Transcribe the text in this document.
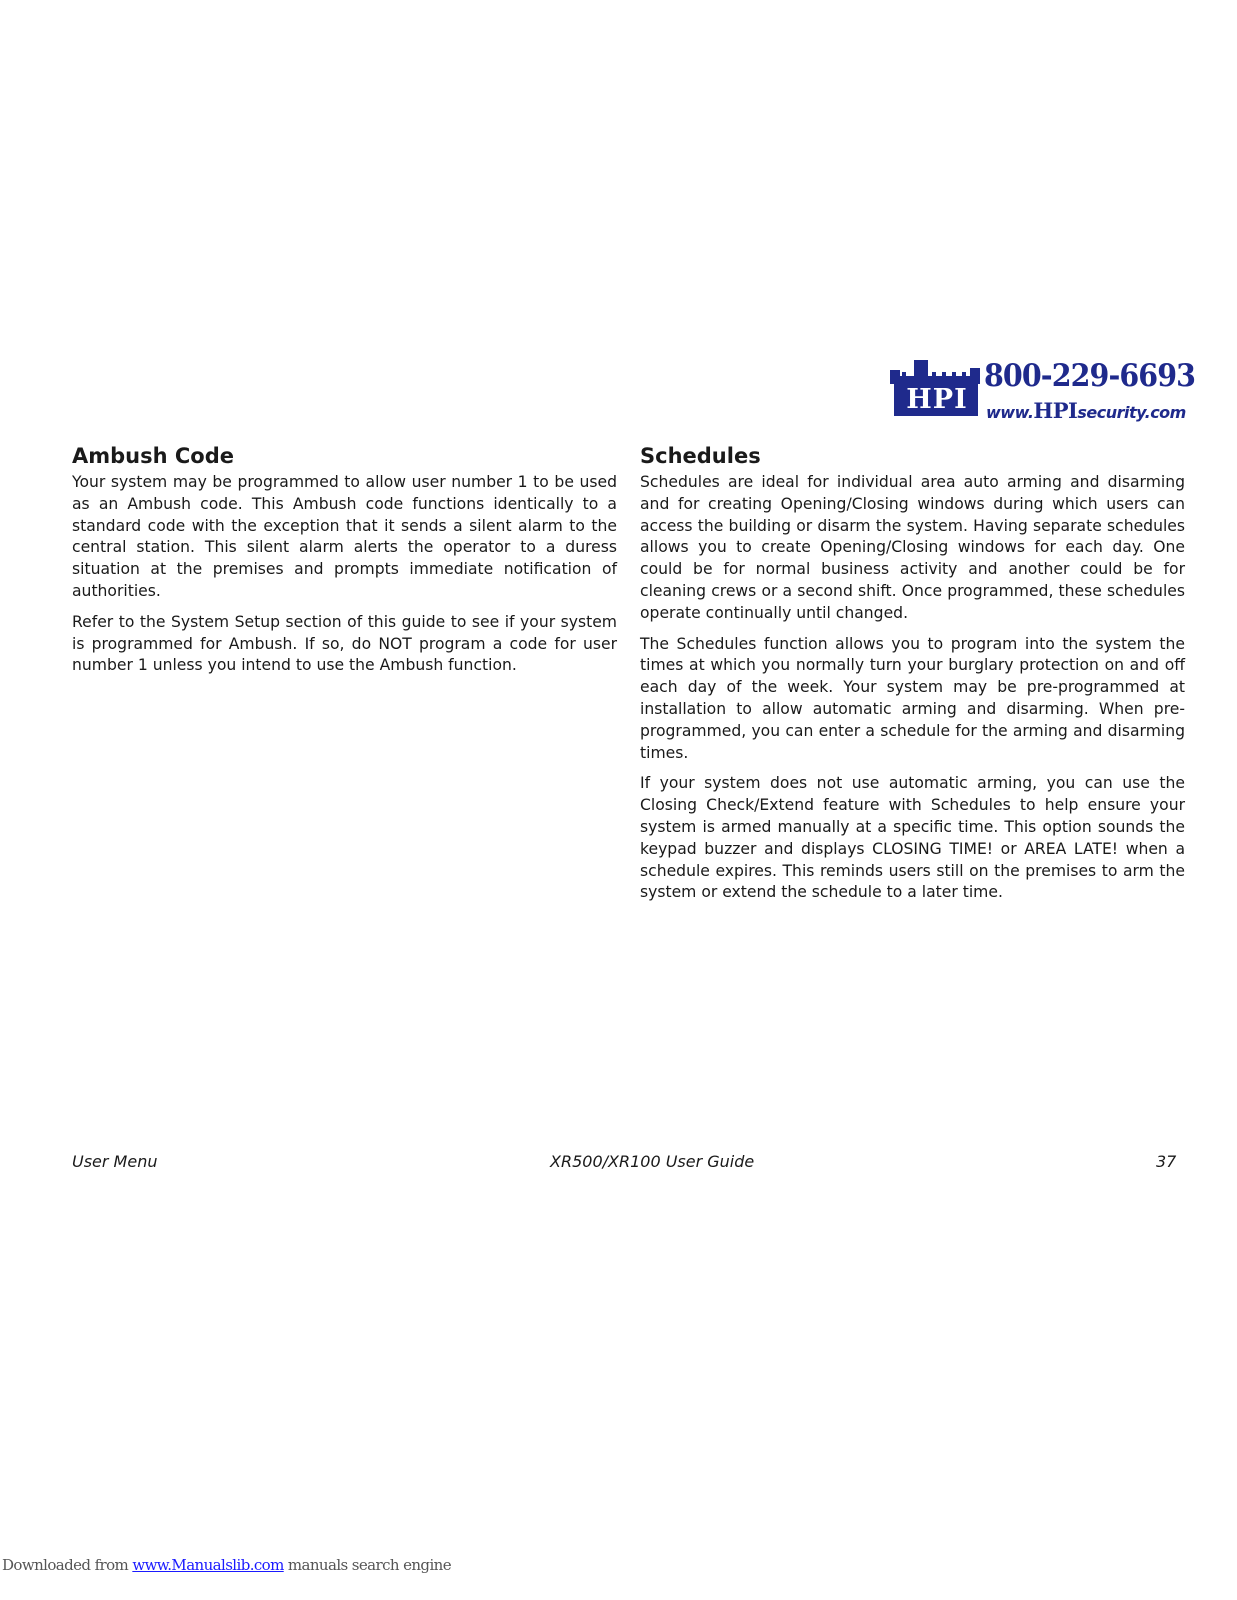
HPI
800-229-6693
www.HPIsecurity.com
Ambush Code

Your system may be programmed to allow user number 1 to be used as an Ambush code. This Ambush code functions identically to a standard code with the exception that it sends a silent alarm to the central station. This silent alarm alerts the operator to a duress situation at the premises and prompts immediate notification of authorities.

Refer to the System Setup section of this guide to see if your system is programmed for Ambush. If so, do NOT program a code for user number 1 unless you intend to use the Ambush function.

Schedules

Schedules are ideal for individual area auto arming and disarming and for creating Opening/Closing windows during which users can access the building or disarm the system. Having separate schedules allows you to create Opening/Closing windows for each day. One could be for normal business activity and another could be for cleaning crews or a second shift. Once programmed, these schedules operate continually until changed.

The Schedules function allows you to program into the system the times at which you normally turn your burglary protection on and off each day of the week. Your system may be pre-programmed at installation to allow automatic arming and disarming. When pre-programmed, you can enter a schedule for the arming and disarming times.

If your system does not use automatic arming, you can use the Closing Check/Extend feature with Schedules to help ensure your system is armed manually at a specific time. This option sounds the keypad buzzer and displays CLOSING TIME! or AREA LATE! when a schedule expires. This reminds users still on the premises to arm the system or extend the schedule to a later time.

User Menu	XR500/XR100 User Guide	37
Downloaded from www.Manualslib.com manuals search engine
